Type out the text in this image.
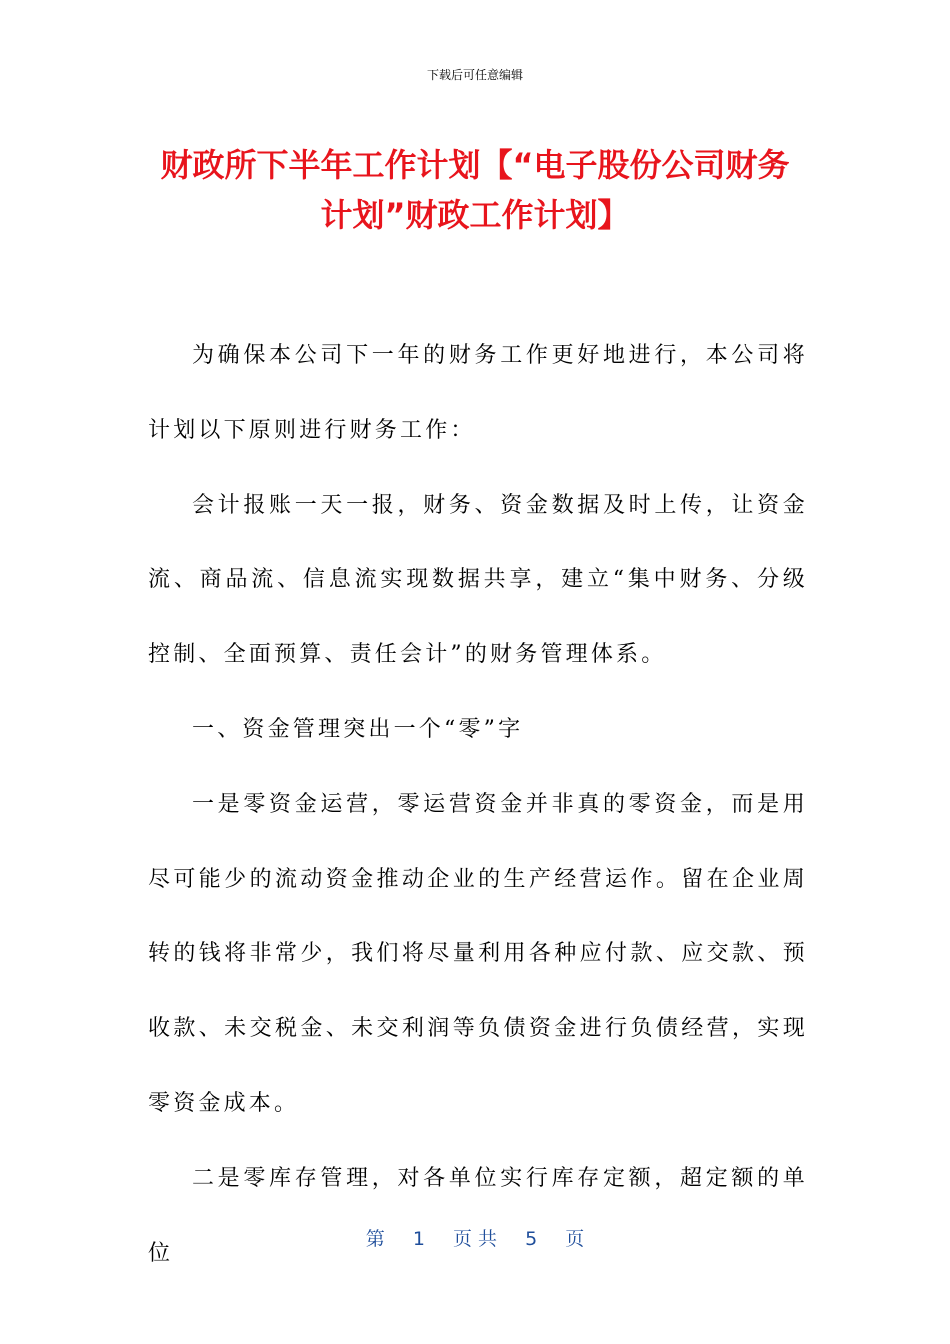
下载后可任意编辑
财政所下半年工作计划【“电子股份公司财务计划”财政工作计划】

为确保本公司下一年的财务工作更好地进行，本公司将计划以下原则进行财务工作：

会计报账一天一报，财务、资金数据及时上传，让资金流、商品流、信息流实现数据共享，建立“集中财务、分级控制、全面预算、责任会计”的财务管理体系。

一、资金管理突出一个“零”字

一是零资金运营，零运营资金并非真的零资金，而是用尽可能少的流动资金推动企业的生产经营运作。留在企业周转的钱将非常少，我们将尽量利用各种应付款、应交款、预收款、未交税金、未交利润等负债资金进行负债经营，实现零资金成本。

二是零库存管理，对各单位实行库存定额，超定额的单位

第 1 页 共 5 页
